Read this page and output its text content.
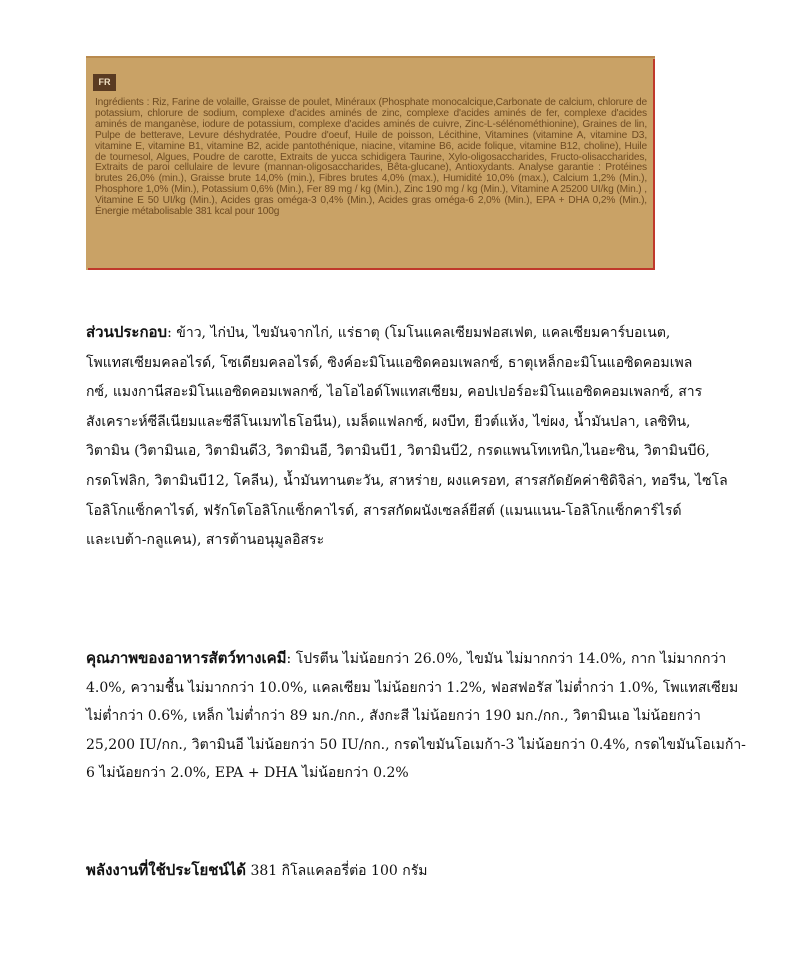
FR

Ingrédients : Riz, Farine de volaille, Graisse de poulet, Minéraux (Phosphate monocalcique,Carbonate de calcium, chlorure de potassium, chlorure de sodium, complexe d'acides aminés de zinc, complexe d'acides aminés de fer, complexe d'acides aminés de manganèse, iodure de potassium, complexe d'acides aminés de cuivre, Zinc-L-sélénométhionine), Graines de lin, Pulpe de betterave, Levure déshydratée, Poudre d'oeuf, Huile de poisson, Lécithine, Vitamines (vitamine A, vitamine D3, vitamine E, vitamine B1, vitamine B2, acide pantothénique, niacine, vitamine B6, acide folique, vitamine B12, choline), Huile de tournesol, Algues, Poudre de carotte, Extraits de yucca schidigera Taurine, Xylo-oligosaccharides, Fructo-olisaccharides, Extraits de paroi cellulaire de levure (mannan-oligosaccharides, Bêta-glucane), Antioxydants. Analyse garantie : Protéines brutes 26,0% (min.), Graisse brute 14,0% (min.), Fibres brutes 4,0% (max.), Humidité 10,0% (max.), Calcium 1,2% (Min.), Phosphore 1,0% (Min.), Potassium 0,6% (Min.), Fer 89 mg / kg (Min.), Zinc 190 mg / kg (Min.), Vitamine A 25200 UI/kg (Min.) , Vitamine E 50 UI/kg (Min.), Acides gras oméga-3 0,4% (Min.), Acides gras oméga-6 2,0% (Min.), EPA + DHA 0,2% (Min.), Énergie métabolisable 381 kcal pour 100g

ส่วนประกอบ: ข้าว, ไก่ป่น, ไขมันจากไก่, แร่ธาตุ (โมโนแคลเซียมฟอสเฟต, แคลเซียมคาร์บอเนต,
โพแทสเซียมคลอไรด์, โซเดียมคลอไรด์, ซิงค์อะมิโนแอซิดคอมเพลกซ์, ธาตุเหล็กอะมิโนแอซิดคอมเพล
กซ์, แมงกานีสอะมิโนแอซิดคอมเพลกซ์, ไอโอไอด์โพแทสเซียม, คอปเปอร์อะมิโนแอซิดคอมเพลกซ์, สาร
สังเคราะห์ซีลีเนียมและซีลีโนเมทไธโอนีน), เมล็ดแฟลกซ์, ผงบีท, ยีวต์แห้ง, ไข่ผง, น้ำมันปลา, เลซิทิน,
วิตามิน (วิตามินเอ, วิตามินดี3, วิตามินอี, วิตามินบี1, วิตามินบี2, กรดแพนโทเทนิก,ไนอะซิน, วิตามินบี6,
กรดโฟลิก, วิตามินบี12, โคลีน), น้ำมันทานตะวัน, สาหร่าย, ผงแครอท, สารสกัดยัคค่าชิดิจิล่า, ทอรีน, ไซโล
โอลิโกแซ็กคาไรด์, ฟรักโตโอลิโกแซ็กคาไรด์, สารสกัดผนังเซลล์ยีสต์ (แมนแนน-โอลิโกแซ็กคาร์ไรด์
และเบต้า-กลูแคน), สารต้านอนุมูลอิสระ
คุณภาพของอาหารสัตว์ทางเคมี: โปรตีน ไม่น้อยกว่า 26.0%, ไขมัน ไม่มากกว่า 14.0%, กาก ไม่มากกว่า
4.0%, ความชื้น ไม่มากกว่า 10.0%, แคลเซียม ไม่น้อยกว่า 1.2%, ฟอสฟอรัส ไม่ต่ำกว่า 1.0%, โพแทสเซียม
ไม่ต่ำกว่า 0.6%, เหล็ก ไม่ต่ำกว่า 89 มก./กก., สังกะสี ไม่น้อยกว่า 190 มก./กก., วิตามินเอ ไม่น้อยกว่า
25,200 IU/กก., วิตามินอี ไม่น้อยกว่า 50 IU/กก., กรดไขมันโอเมก้า-3 ไม่น้อยกว่า 0.4%, กรดไขมันโอเมก้า-
6 ไม่น้อยกว่า 2.0%, EPA + DHA ไม่น้อยกว่า 0.2%
พลังงานที่ใช้ประโยชน์ได้ 381 กิโลแคลอรี่ต่อ 100 กรัม
